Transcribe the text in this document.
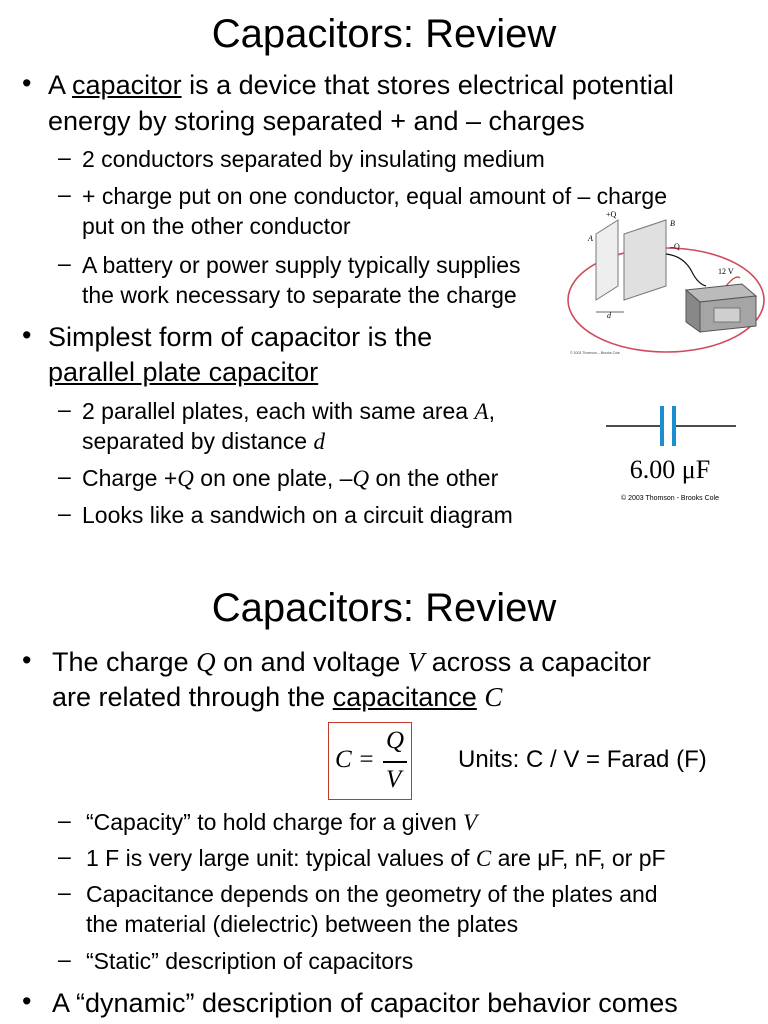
Capacitors: Review
• A capacitor is a device that stores electrical potential
energy by storing separated + and – charges
– 2 conductors separated by insulating medium
– + charge put on one conductor, equal amount of – charge
put on the other conductor
– A battery or power supply typically supplies
the work necessary to separate the charge
• Simplest form of capacitor is the
parallel plate capacitor
– 2 parallel plates, each with same area A,
separated by distance d
– Charge +Q on one plate, –Q on the other
– Looks like a sandwich on a circuit diagram
+Q
B
A
–Q
12 V
d
© 2003 Thomson – Brooks Cole
6.00 μF
© 2003 Thomson - Brooks Cole
Capacitors: Review
• The charge Q on and voltage V across a capacitor
are related through the capacitance C
C =
Q
V
Units: C / V = Farad (F)
– “Capacity” to hold charge for a given V
– 1 F is very large unit: typical values of C are μF, nF, or pF
– Capacitance depends on the geometry of the plates and
the material (dielectric) between the plates
– “Static” description of capacitors
• A “dynamic” description of capacitor behavior comes
